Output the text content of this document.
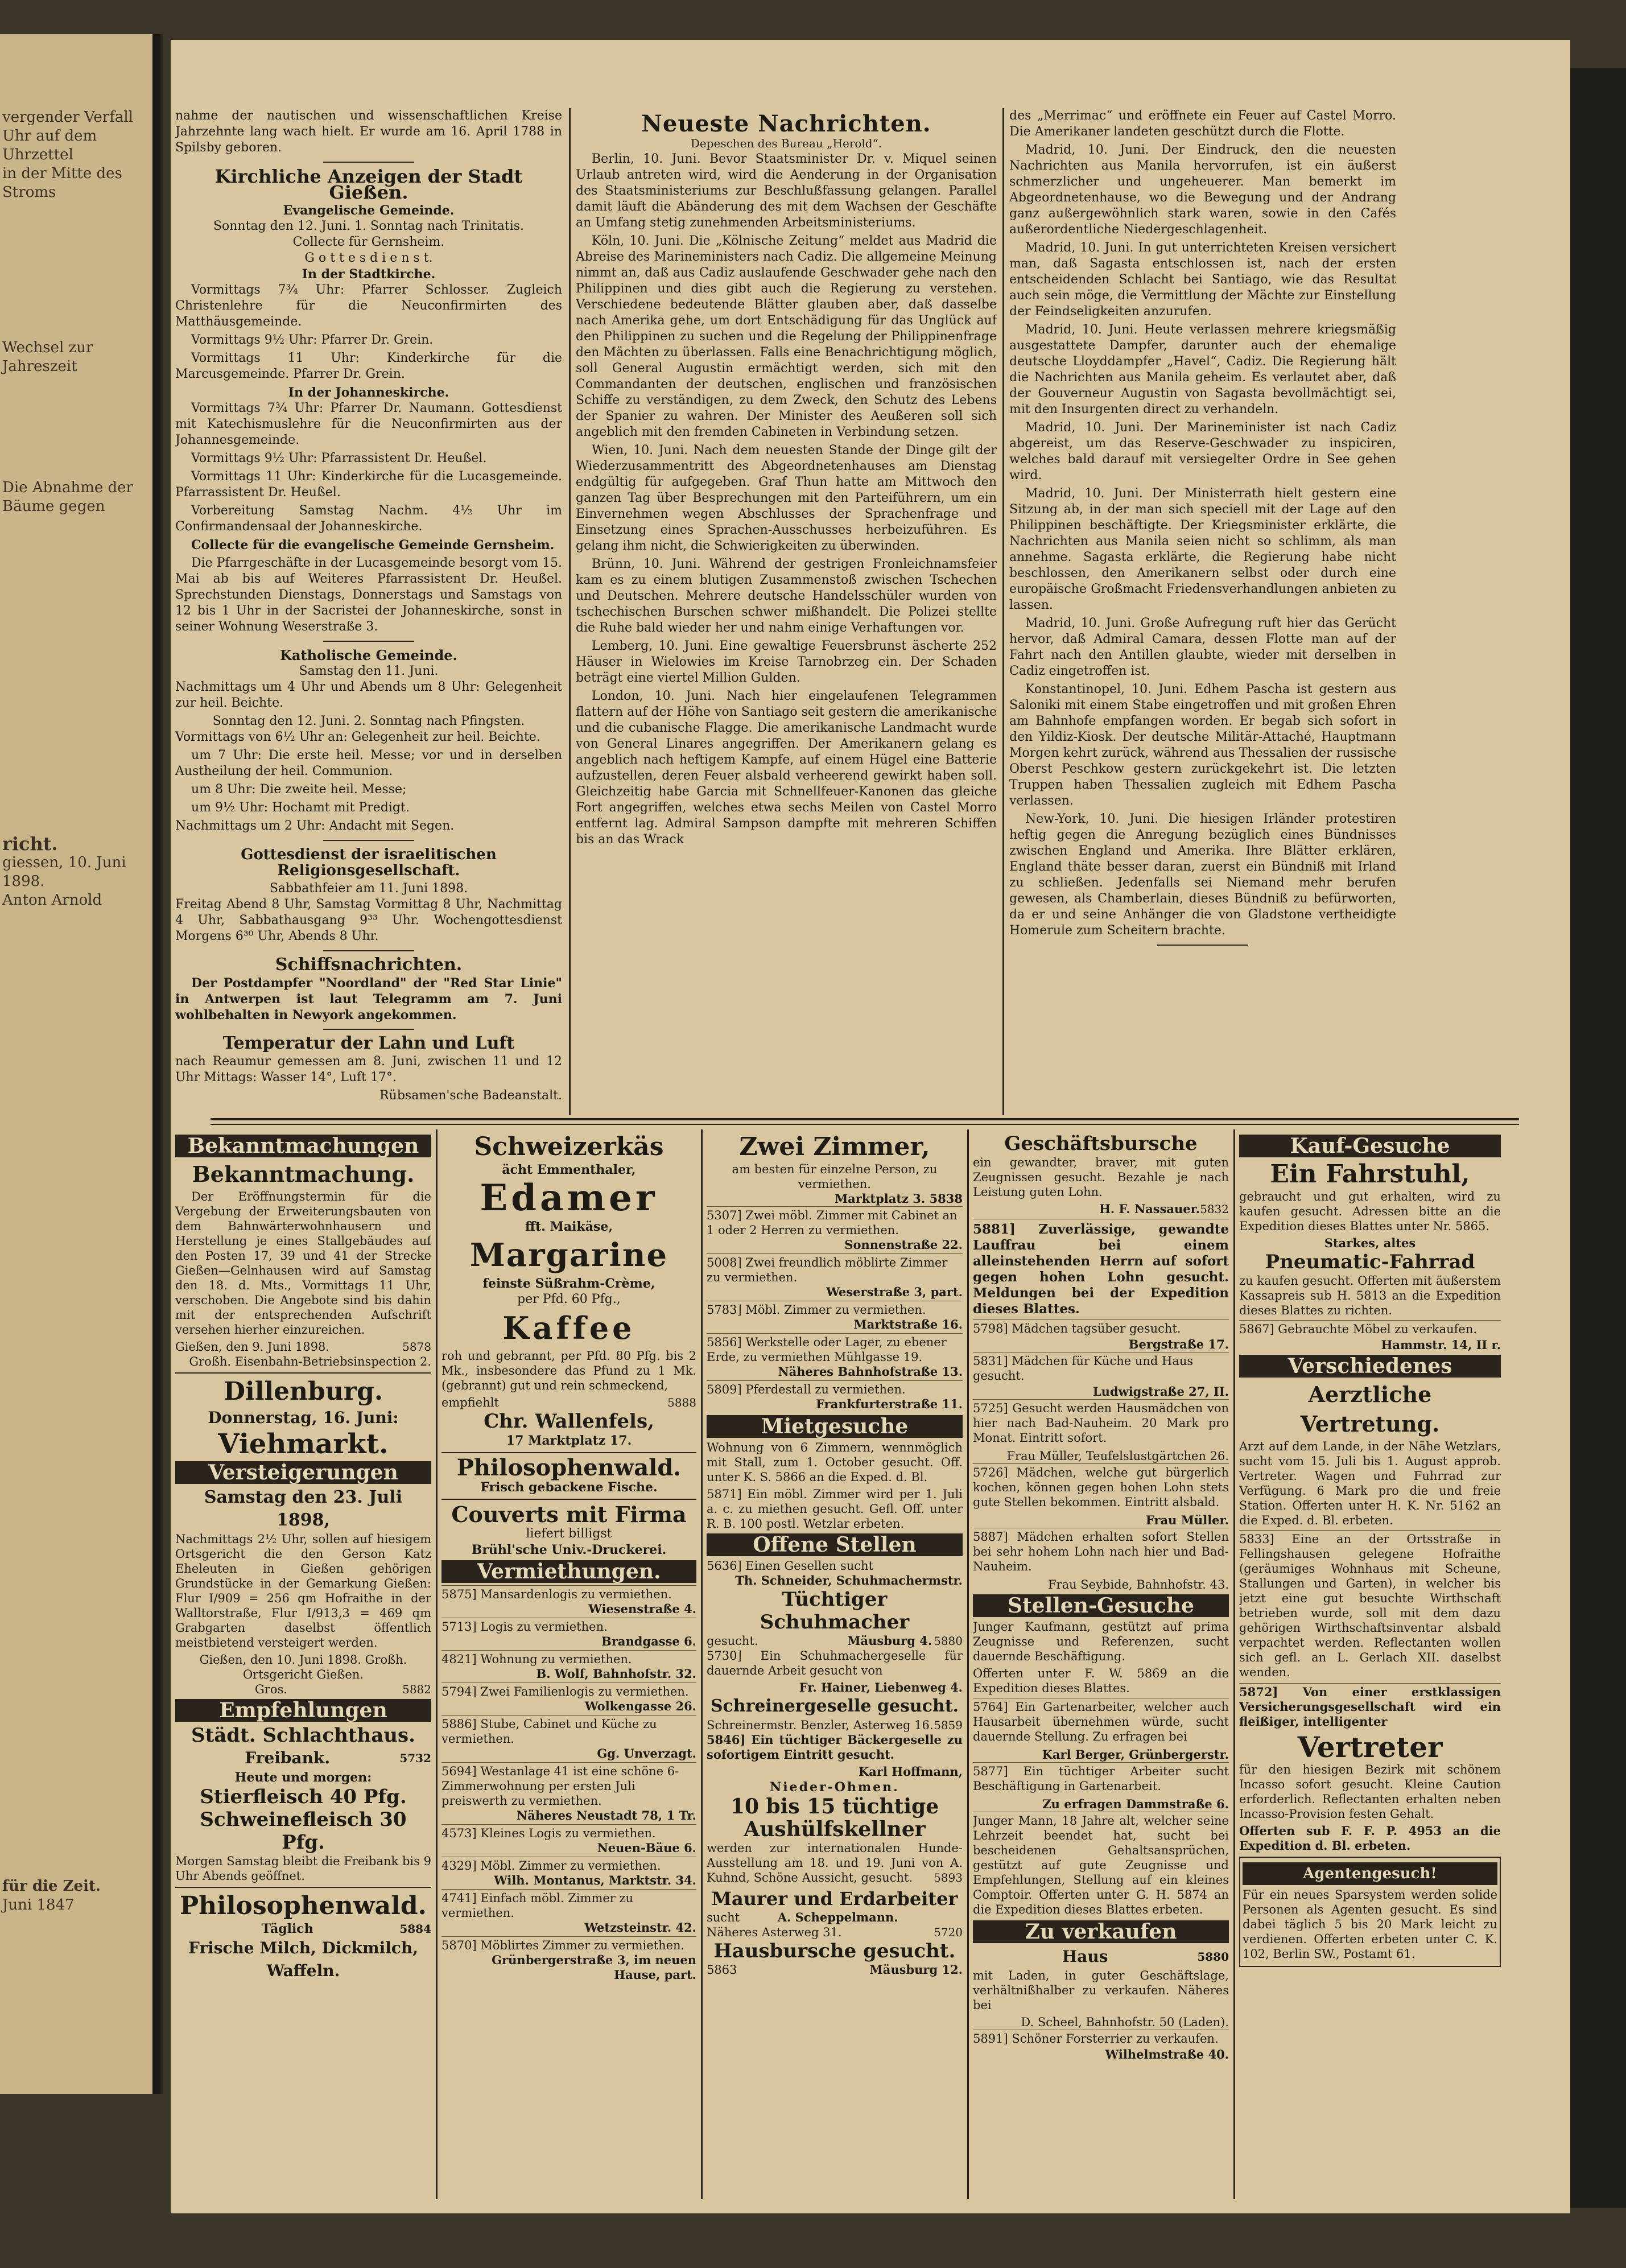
vergender Verfall
Uhr auf dem Uhrzettel
in der Mitte des Stroms
Wechsel zur Jahreszeit
Die Abnahme der
Bäume gegen
richt.
giessen, 10. Juni 1898.
Anton Arnold
für die Zeit.
Juni 1847

nahme der nautischen und wissenschaftlichen Kreise Jahrzehnte lang wach hielt. Er wurde am 16. April 1788 in Spilsby geboren.

Kirchliche Anzeigen der Stadt Gießen.
Evangelische Gemeinde.
Sonntag den 12. Juni. 1. Sonntag nach Trinitatis.
Collecte für Gernsheim.
G o t t e s d i e n s t.
In der Stadtkirche.

Vormittags 7¾ Uhr: Pfarrer Schlosser. Zugleich Christenlehre für die Neuconfirmirten des Matthäusgemeinde.

Vormittags 9½ Uhr: Pfarrer Dr. Grein.

Vormittags 11 Uhr: Kinderkirche für die Marcusgemeinde. Pfarrer Dr. Grein.

In der Johanneskirche.

Vormittags 7¾ Uhr: Pfarrer Dr. Naumann. Gottesdienst mit Katechismuslehre für die Neuconfirmirten aus der Johannesgemeinde.

Vormittags 9½ Uhr: Pfarrassistent Dr. Heußel.

Vormittags 11 Uhr: Kinderkirche für die Lucasgemeinde. Pfarrassistent Dr. Heußel.

Vorbereitung Samstag Nachm. 4½ Uhr im Confirmandensaal der Johanneskirche.

Collecte für die evangelische Gemeinde Gernsheim.

Die Pfarrgeschäfte in der Lucasgemeinde besorgt vom 15. Mai ab bis auf Weiteres Pfarrassistent Dr. Heußel. Sprechstunden Dienstags, Donnerstags und Samstags von 12 bis 1 Uhr in der Sacristei der Johanneskirche, sonst in seiner Wohnung Weserstraße 3.

Katholische Gemeinde.
Samstag den 11. Juni.

Nachmittags um 4 Uhr und Abends um 8 Uhr: Gelegenheit zur heil. Beichte.

Sonntag den 12. Juni. 2. Sonntag nach Pfingsten.

Vormittags von 6½ Uhr an: Gelegenheit zur heil. Beichte.

um 7 Uhr: Die erste heil. Messe; vor und in derselben Austheilung der heil. Communion.

um 8 Uhr: Die zweite heil. Messe;

um 9½ Uhr: Hochamt mit Predigt.

Nachmittags um 2 Uhr: Andacht mit Segen.

Gottesdienst der israelitischen Religionsgesellschaft.
Sabbathfeier am 11. Juni 1898.

Freitag Abend 8 Uhr, Samstag Vormittag 8 Uhr, Nachmittag 4 Uhr, Sabbathausgang 9³³ Uhr. Wochengottesdienst Morgens 6³⁰ Uhr, Abends 8 Uhr.

Schiffsnachrichten.

Der Postdampfer "Noordland" der "Red Star Linie" in Antwerpen ist laut Telegramm am 7. Juni wohlbehalten in Newyork angekommen.

Temperatur der Lahn und Luft

nach Reaumur gemessen am 8. Juni, zwischen 11 und 12 Uhr Mittags: Wasser 14°, Luft 17°.

Rübsamen'sche Badeanstalt.
Neueste Nachrichten.
Depeschen des Bureau „Herold“.

Berlin, 10. Juni. Bevor Staatsminister Dr. v. Miquel seinen Urlaub antreten wird, wird die Aenderung in der Organisation des Staatsministeriums zur Beschlußfassung gelangen. Parallel damit läuft die Abänderung des mit dem Wachsen der Geschäfte an Umfang stetig zunehmenden Arbeitsministeriums.

Köln, 10. Juni. Die „Kölnische Zeitung“ meldet aus Madrid die Abreise des Marineministers nach Cadiz. Die allgemeine Meinung nimmt an, daß aus Cadiz auslaufende Geschwader gehe nach den Philippinen und dies gibt auch die Regierung zu verstehen. Verschiedene bedeutende Blätter glauben aber, daß dasselbe nach Amerika gehe, um dort Entschädigung für das Unglück auf den Philippinen zu suchen und die Regelung der Philippinenfrage den Mächten zu überlassen. Falls eine Benachrichtigung möglich, soll General Augustin ermächtigt werden, sich mit den Commandanten der deutschen, englischen und französischen Schiffe zu verständigen, zu dem Zweck, den Schutz des Lebens der Spanier zu wahren. Der Minister des Aeußeren soll sich angeblich mit den fremden Cabineten in Verbindung setzen.

Wien, 10. Juni. Nach dem neuesten Stande der Dinge gilt der Wiederzusammentritt des Abgeordnetenhauses am Dienstag endgültig für aufgegeben. Graf Thun hatte am Mittwoch den ganzen Tag über Besprechungen mit den Parteiführern, um ein Einvernehmen wegen Abschlusses der Sprachenfrage und Einsetzung eines Sprachen-Ausschusses herbeizuführen. Es gelang ihm nicht, die Schwierigkeiten zu überwinden.

Brünn, 10. Juni. Während der gestrigen Fronleichnamsfeier kam es zu einem blutigen Zusammenstoß zwischen Tschechen und Deutschen. Mehrere deutsche Handelsschüler wurden von tschechischen Burschen schwer mißhandelt. Die Polizei stellte die Ruhe bald wieder her und nahm einige Verhaftungen vor.

Lemberg, 10. Juni. Eine gewaltige Feuersbrunst äscherte 252 Häuser in Wielowies im Kreise Tarnobrzeg ein. Der Schaden beträgt eine viertel Million Gulden.

London, 10. Juni. Nach hier eingelaufenen Telegrammen flattern auf der Höhe von Santiago seit gestern die amerikanische und die cubanische Flagge. Die amerikanische Landmacht wurde von General Linares angegriffen. Der Amerikanern gelang es angeblich nach heftigem Kampfe, auf einem Hügel eine Batterie aufzustellen, deren Feuer alsbald verheerend gewirkt haben soll. Gleichzeitig habe Garcia mit Schnellfeuer-Kanonen das gleiche Fort angegriffen, welches etwa sechs Meilen von Castel Morro entfernt lag. Admiral Sampson dampfte mit mehreren Schiffen bis an das Wrack

des „Merrimac“ und eröffnete ein Feuer auf Castel Morro. Die Amerikaner landeten geschützt durch die Flotte.

Madrid, 10. Juni. Der Eindruck, den die neuesten Nachrichten aus Manila hervorrufen, ist ein äußerst schmerzlicher und ungeheuerer. Man bemerkt im Abgeordnetenhause, wo die Bewegung und der Andrang ganz außergewöhnlich stark waren, sowie in den Cafés außerordentliche Niedergeschlagenheit.

Madrid, 10. Juni. In gut unterrichteten Kreisen versichert man, daß Sagasta entschlossen ist, nach der ersten entscheidenden Schlacht bei Santiago, wie das Resultat auch sein möge, die Vermittlung der Mächte zur Einstellung der Feindseligkeiten anzurufen.

Madrid, 10. Juni. Heute verlassen mehrere kriegsmäßig ausgestattete Dampfer, darunter auch der ehemalige deutsche Lloyddampfer „Havel“, Cadiz. Die Regierung hält die Nachrichten aus Manila geheim. Es verlautet aber, daß der Gouverneur Augustin von Sagasta bevollmächtigt sei, mit den Insurgenten direct zu verhandeln.

Madrid, 10. Juni. Der Marineminister ist nach Cadiz abgereist, um das Reserve-Geschwader zu inspiciren, welches bald darauf mit versiegelter Ordre in See gehen wird.

Madrid, 10. Juni. Der Ministerrath hielt gestern eine Sitzung ab, in der man sich speciell mit der Lage auf den Philippinen beschäftigte. Der Kriegsminister erklärte, die Nachrichten aus Manila seien nicht so schlimm, als man annehme. Sagasta erklärte, die Regierung habe nicht beschlossen, den Amerikanern selbst oder durch eine europäische Großmacht Friedensverhandlungen anbieten zu lassen.

Madrid, 10. Juni. Große Aufregung ruft hier das Gerücht hervor, daß Admiral Camara, dessen Flotte man auf der Fahrt nach den Antillen glaubte, wieder mit derselben in Cadiz eingetroffen ist.

Konstantinopel, 10. Juni. Edhem Pascha ist gestern aus Saloniki mit einem Stabe eingetroffen und mit großen Ehren am Bahnhofe empfangen worden. Er begab sich sofort in den Yildiz-Kiosk. Der deutsche Militär-Attaché, Hauptmann Morgen kehrt zurück, während aus Thessalien der russische Oberst Peschkow gestern zurückgekehrt ist. Die letzten Truppen haben Thessalien zugleich mit Edhem Pascha verlassen.

New-York, 10. Juni. Die hiesigen Irländer protestiren heftig gegen die Anregung bezüglich eines Bündnisses zwischen England und Amerika. Ihre Blätter erklären, England thäte besser daran, zuerst ein Bündniß mit Irland zu schließen. Jedenfalls sei Niemand mehr berufen gewesen, als Chamberlain, dieses Bündniß zu befürworten, da er und seine Anhänger die von Gladstone vertheidigte Homerule zum Scheitern brachte.

Bekanntmachungen
Bekanntmachung.

Der Eröffnungstermin für die Vergebung der Erweiterungsbauten von dem Bahnwärterwohnhausern und Herstellung je eines Stallgebäudes auf den Posten 17, 39 und 41 der Strecke Gießen—Gelnhausen wird auf Samstag den 18. d. Mts., Vormittags 11 Uhr, verschoben. Die Angebote sind bis dahin mit der entsprechenden Aufschrift versehen hierher einzureichen.

Gießen, den 9. Juni 1898.	5878
Großh. Eisenbahn-Betriebsinspection 2.
Dillenburg.
Donnerstag, 16. Juni:
Viehmarkt.
Versteigerungen
Samstag den 23. Juli 1898,

Nachmittags 2½ Uhr, sollen auf hiesigem Ortsgericht die den Gerson Katz Eheleuten in Gießen gehörigen Grundstücke in der Gemarkung Gießen: Flur I/909 = 256 qm Hofraithe in der Walltorstraße, Flur I/913,3 = 469 qm Grabgarten daselbst öffentlich meistbietend versteigert werden.

Gießen, den 10. Juni 1898. Großh. Ortsgericht Gießen.
Gros.	5882
Empfehlungen
Städt. Schlachthaus.
Freibank.	5732
Heute und morgen:
Stierfleisch 40 Pfg.
Schweinefleisch 30 Pfg.

Morgen Samstag bleibt die Freibank bis 9 Uhr Abends geöffnet.

Philosophenwald.
Täglich	5884
Frische Milch, Dickmilch, Waffeln.
Schweizerkäs
ächt Emmenthaler,
Edamer
fft. Maikäse,
Margarine
feinste Süßrahm-Crème,
per Pfd. 60 Pfg.,
Kaffee

roh und gebrannt, per Pfd. 80 Pfg. bis 2 Mk., insbesondere das Pfund zu 1 Mk. (gebrannt) gut und rein schmeckend,

empfiehlt	5888
Chr. Wallenfels,
17 Marktplatz 17.
Philosophenwald.
Frisch gebackene Fische.
Couverts mit Firma
liefert billigst
Brühl'sche Univ.-Druckerei.
Vermiethungen.
5875] Mansardenlogis zu vermiethen.
Wiesenstraße 4.
5713] Logis zu vermiethen.
Brandgasse 6.
4821] Wohnung zu vermiethen.
B. Wolf, Bahnhofstr. 32.
5794] Zwei Familienlogis zu vermiethen.
Wolkengasse 26.
5886] Stube, Cabinet und Küche zu vermiethen.
Gg. Unverzagt.
5694] Westanlage 41 ist eine schöne 6-Zimmerwohnung per ersten Juli preiswerth zu vermiethen.
Näheres Neustadt 78, 1 Tr.
4573] Kleines Logis zu vermiethen.
Neuen-Bäue 6.
4329] Möbl. Zimmer zu vermiethen.
Wilh. Montanus, Marktstr. 34.
4741] Einfach möbl. Zimmer zu vermiethen.
Wetzsteinstr. 42.
5870] Möblirtes Zimmer zu vermiethen.
Grünbergerstraße 3, im neuen Hause, part.
Zwei Zimmer,
am besten für einzelne Person, zu vermiethen.
Marktplatz 3. 5838
5307] Zwei möbl. Zimmer mit Cabinet an 1 oder 2 Herren zu vermiethen.
Sonnenstraße 22.
5008] Zwei freundlich möblirte Zimmer zu vermiethen.
Weserstraße 3, part.
5783] Möbl. Zimmer zu vermiethen.
Marktstraße 16.
5856] Werkstelle oder Lager, zu ebener Erde, zu vermiethen Mühlgasse 19.
Näheres Bahnhofstraße 13.
5809] Pferdestall zu vermiethen.
Frankfurterstraße 11.
Mietgesuche

Wohnung von 6 Zimmern, wennmöglich mit Stall, zum 1. October gesucht. Off. unter K. S. 5866 an die Exped. d. Bl.

5871] Ein möbl. Zimmer wird per 1. Juli a. c. zu miethen gesucht. Gefl. Off. unter R. B. 100 postl. Wetzlar erbeten.

Offene Stellen
5636] Einen Gesellen sucht
Th. Schneider, Schuhmachermstr.
Tüchtiger Schuhmacher
gesucht.	Mäusburg 4. 5880

5730] Ein Schuhmachergeselle für dauernde Arbeit gesucht von

Fr. Hainer, Liebenweg 4.
Schreinergeselle gesucht.
Schreinermstr. Benzler, Asterweg 16. 5859

5846] Ein tüchtiger Bäckergeselle zu sofortigem Eintritt gesucht.

Karl Hoffmann,
Nieder-Ohmen.
10 bis 15 tüchtige Aushülfskellner

werden zur internationalen Hunde-Ausstellung am 18. und 19. Juni von A. Kuhnd, Schöne Aussicht, gesucht. 5893

Maurer und Erdarbeiter
sucht	A. Scheppelmann.
Näheres Asterweg 31.	5720
Hausbursche gesucht.
5863	Mäusburg 12.
Geschäftsbursche

ein gewandter, braver, mit guten Zeugnissen gesucht. Bezahle je nach Leistung guten Lohn.

5832
H. F. Nassauer.

5881] Zuverlässige, gewandte Lauffrau bei einem alleinstehenden Herrn auf sofort gegen hohen Lohn gesucht. Meldungen bei der Expedition dieses Blattes.

5798] Mädchen tagsüber gesucht.
Bergstraße 17.
5831] Mädchen für Küche und Haus gesucht.
Ludwigstraße 27, II.

5725] Gesucht werden Hausmädchen von hier nach Bad-Nauheim. 20 Mark pro Monat. Eintritt sofort.

Frau Müller, Teufelslustgärtchen 26.

5726] Mädchen, welche gut bürgerlich kochen, können gegen hohen Lohn stets gute Stellen bekommen. Eintritt alsbald.

Frau Müller.

5887] Mädchen erhalten sofort Stellen bei sehr hohem Lohn nach hier und Bad-Nauheim.

Frau Seybide, Bahnhofstr. 43.
Stellen-Gesuche

Junger Kaufmann, gestützt auf prima Zeugnisse und Referenzen, sucht dauernde Beschäftigung.

Offerten unter F. W. 5869 an die Expedition dieses Blattes.

5764] Ein Gartenarbeiter, welcher auch Hausarbeit übernehmen würde, sucht dauernde Stellung. Zu erfragen bei

Karl Berger, Grünbergerstr.

5877] Ein tüchtiger Arbeiter sucht Beschäftigung in Gartenarbeit.

Zu erfragen Dammstraße 6.

Junger Mann, 18 Jahre alt, welcher seine Lehrzeit beendet hat, sucht bei bescheidenen Gehaltsansprüchen, gestützt auf gute Zeugnisse und Empfehlungen, Stellung auf ein kleines Comptoir. Offerten unter G. H. 5874 an die Expedition dieses Blattes erbeten.

Zu verkaufen
Haus	5880

mit Laden, in guter Geschäftslage, verhältnißhalber zu verkaufen. Näheres bei

D. Scheel, Bahnhofstr. 50 (Laden).
5891] Schöner Forsterrier zu verkaufen.
Wilhelmstraße 40.
Kauf-Gesuche
Ein Fahrstuhl,

gebraucht und gut erhalten, wird zu kaufen gesucht. Adressen bitte an die Expedition dieses Blattes unter Nr. 5865.

Starkes, altes
Pneumatic-Fahrrad

zu kaufen gesucht. Offerten mit äußerstem Kassapreis sub H. 5813 an die Expedition dieses Blattes zu richten.

5867] Gebrauchte Möbel zu verkaufen.
Hammstr. 14, II r.
Verschiedenes
Aerztliche Vertretung.

Arzt auf dem Lande, in der Nähe Wetzlars, sucht vom 15. Juli bis 1. August approb. Vertreter. Wagen und Fuhrrad zur Verfügung. 6 Mark pro die und freie Station. Offerten unter H. K. Nr. 5162 an die Exped. d. Bl. erbeten.

5833] Eine an der Ortsstraße in Fellingshausen gelegene Hofraithe (geräumiges Wohnhaus mit Scheune, Stallungen und Garten), in welcher bis jetzt eine gut besuchte Wirthschaft betrieben wurde, soll mit dem dazu gehörigen Wirthschaftsinventar alsbald verpachtet werden. Reflectanten wollen sich gefl. an L. Gerlach XII. daselbst wenden.

5872] Von einer erstklassigen Versicherungsgesellschaft wird ein fleißiger, intelligenter

Vertreter

für den hiesigen Bezirk mit schönem Incasso sofort gesucht. Kleine Caution erforderlich. Reflectanten erhalten neben Incasso-Provision festen Gehalt.

Offerten sub F. F. P. 4953 an die Expedition d. Bl. erbeten.

Agentengesuch!

Für ein neues Sparsystem werden solide Personen als Agenten gesucht. Es sind dabei täglich 5 bis 20 Mark leicht zu verdienen. Offerten erbeten unter C. K. 102, Berlin SW., Postamt 61.
